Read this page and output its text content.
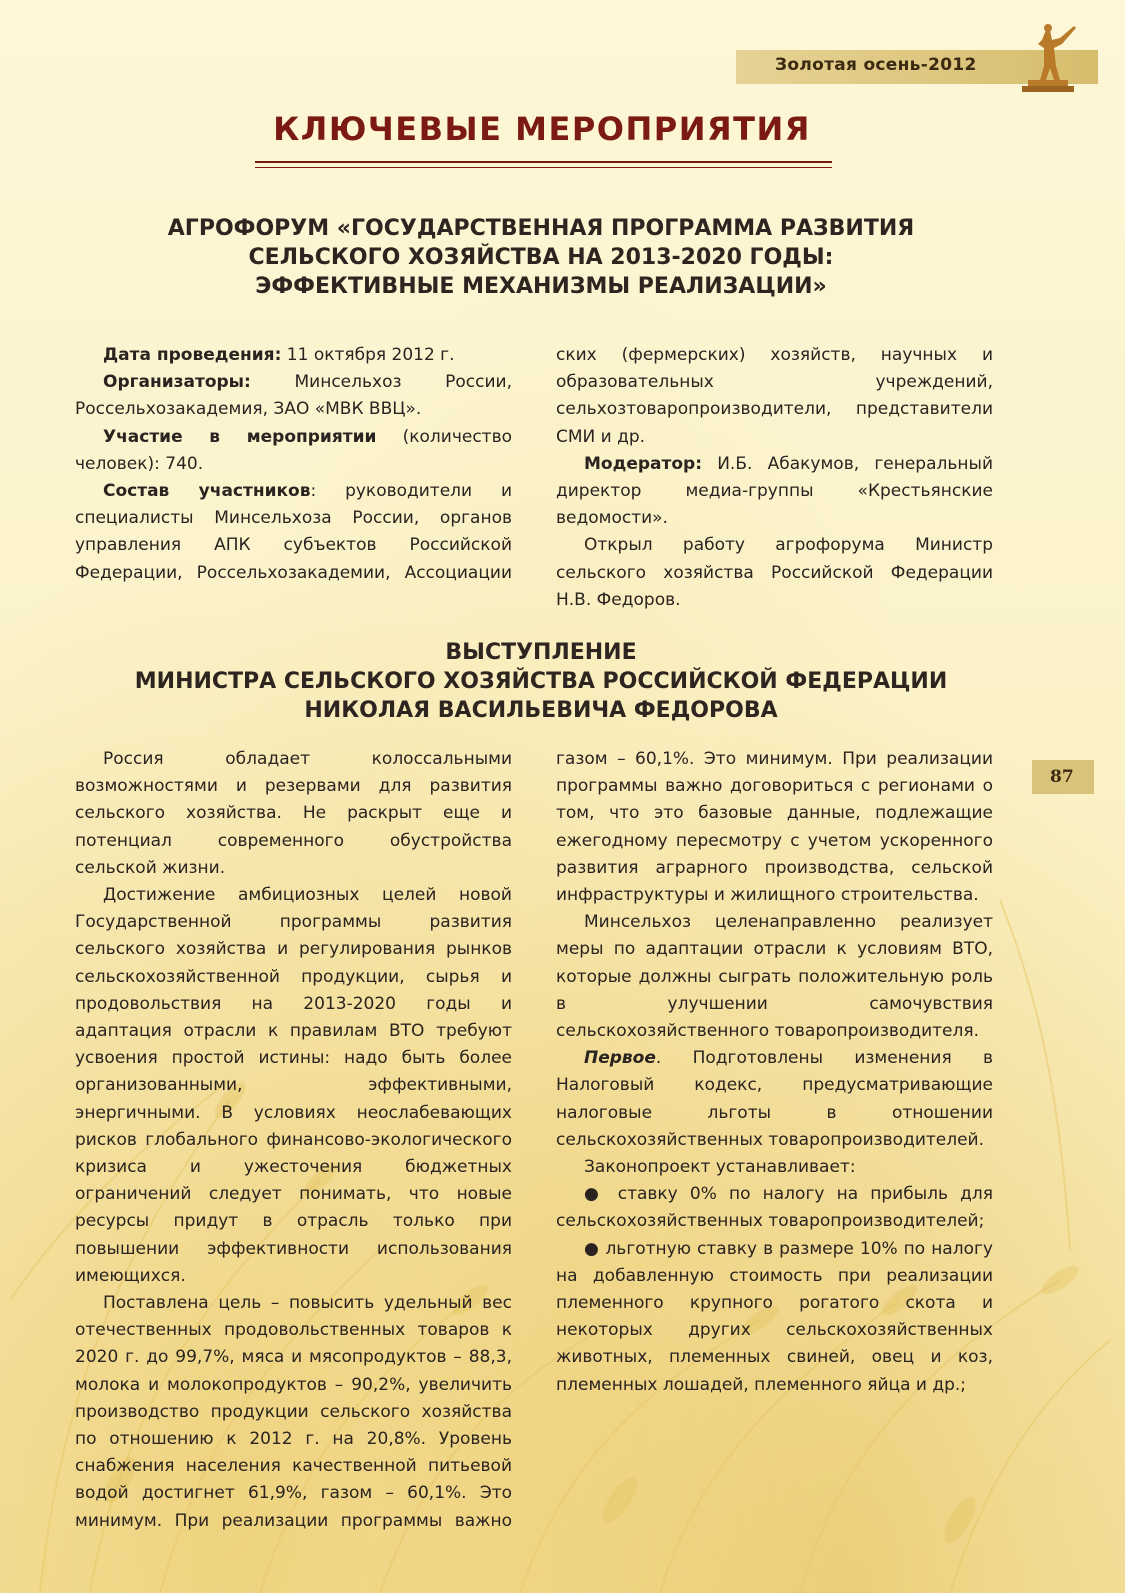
Золотая осень-2012
КЛЮЧЕВЫЕ МЕРОПРИЯТИЯ
АГРОФОРУМ «ГОСУДАРСТВЕННАЯ ПРОГРАММА РАЗВИТИЯ
СЕЛЬСКОГО ХОЗЯЙСТВА НА 2013-2020 ГОДЫ:
ЭФФЕКТИВНЫЕ МЕХАНИЗМЫ РЕАЛИЗАЦИИ»

Дата проведения: 11 октября 2012 г.

Организаторы: Минсельхоз России, Россельхозакадемия, ЗАО «МВК ВВЦ».

Участие в мероприятии (количество человек): 740.

Состав участников: руководители и специалисты Минсельхоза России, органов управления АПК субъектов Российской Федерации, Россельхозакадемии, Ассоциации

ских (фермерских) хозяйств, научных и образовательных учреждений, сельхозтоваропроизводители, представители СМИ и др.

Модератор: И.Б. Абакумов, генеральный директор медиа-группы «Крестьянские ведомости».

Открыл работу агрофорума Министр сельского хозяйства Российской Федерации Н.В. Федоров.

ВЫСТУПЛЕНИЕ
МИНИСТРА СЕЛЬСКОГО ХОЗЯЙСТВА РОССИЙСКОЙ ФЕДЕРАЦИИ
НИКОЛАЯ ВАСИЛЬЕВИЧА ФЕДОРОВА

Россия обладает колоссальными возможностями и резервами для развития сельского хозяйства. Не раскрыт еще и потенциал современного обустройства сельской жизни.

Достижение амбициозных целей новой Государственной программы развития сельского хозяйства и регулирования рынков сельскохозяйственной продукции, сырья и продовольствия на 2013-2020 годы и адаптация отрасли к правилам ВТО требуют усвоения простой истины: надо быть более организованными, эффективными, энергичными. В условиях неослабевающих рисков глобального финансово-экологического кризиса и ужесточения бюджетных ограничений следует понимать, что новые ресурсы придут в отрасль только при повышении эффективности использования имеющихся.

Поставлена цель – повысить удельный вес отечественных продовольственных товаров к 2020 г. до 99,7%, мяса и мясопродуктов – 88,3, молока и молокопродуктов – 90,2%, увеличить производство продукции сельского хозяйства по отношению к 2012 г. на 20,8%. Уровень снабжения населения качественной питьевой водой достигнет 61,9%, газом – 60,1%. Это минимум. При реализации программы важно

газом – 60,1%. Это минимум. При реализации программы важно договориться с регионами о том, что это базовые данные, подлежащие ежегодному пересмотру с учетом ускоренного развития аграрного производства, сельской инфраструктуры и жилищного строительства.

Минсельхоз целенаправленно реализует меры по адаптации отрасли к условиям ВТО, которые должны сыграть положительную роль в улучшении самочувствия сельскохозяйственного товаропроизводителя.

Первое. Подготовлены изменения в Налоговый кодекс, предусматривающие налоговые льготы в отношении сельскохозяйственных товаропроизводителей.

Законопроект устанавливает:

● ставку 0% по налогу на прибыль для сельскохозяйственных товаропроизводителей;

● льготную ставку в размере 10% по налогу на добавленную стоимость при реализации племенного крупного рогатого скота и некоторых других сельскохозяйственных животных, племенных свиней, овец и коз, племенных лошадей, племенного яйца и др.;

87
